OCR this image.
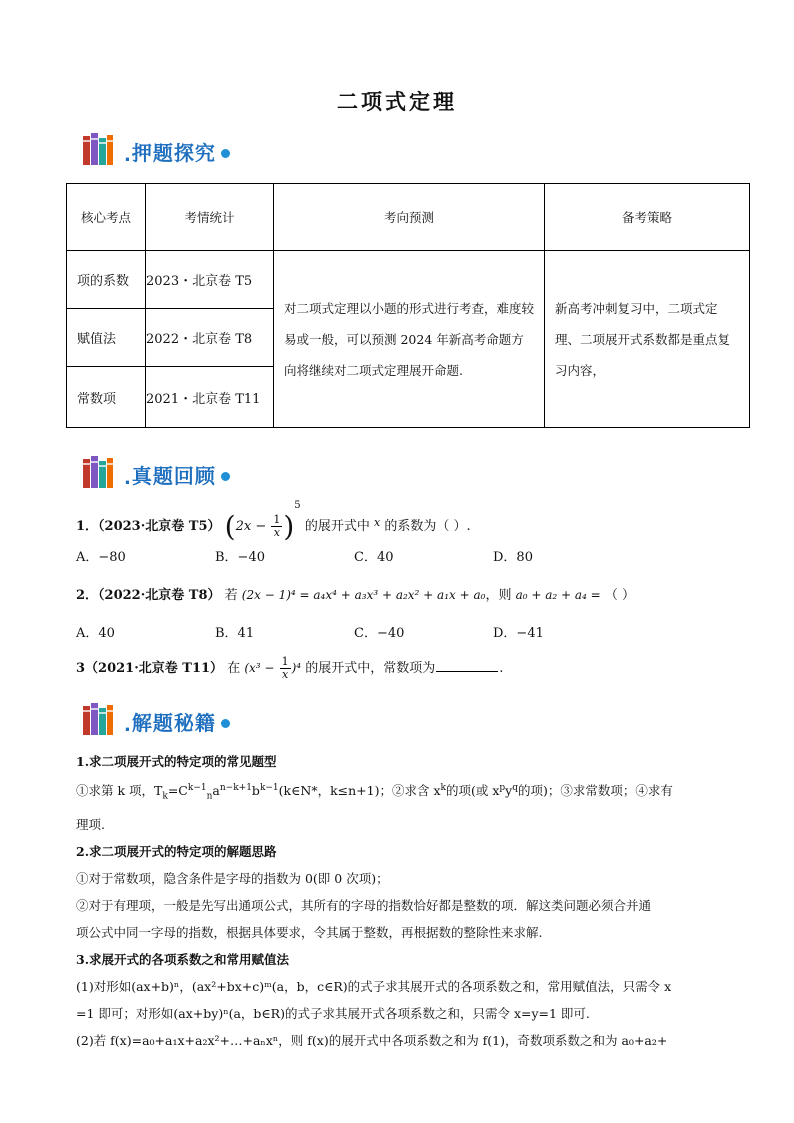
二项式定理
. 押题探究
核心考点	考情统计	考向预测	备考策略
项的系数	2023・北京卷 T5	对二项式定理以小题的形式进行考查，难度较易或一般，可以预测 2024 年新高考命题方向将继续对二项式定理展开命题.	新高考冲刺复习中，二项式定理、二项展开式系数都是重点复习内容，

赋值法	2022・北京卷 T8		
常数项	2021・北京卷 T11		
. 真题回顾
1．（2023·北京卷 T5） $(2x - \frac{1}{x} )^5$ 的展开式中 $^x$ 的系数为（ ）.
A．−80	B．−40	C．40	D．80
2．（2022·北京卷 T8） 若 (2x − 1)⁴ = a₄x⁴ + a₃x³ + a₂x² + a₁x + a₀，则 a₀ + a₂ + a₄ = （ ）
A．40	B．41	C．−40	D．−41
3（2021·北京卷 T11） 在 $(x^3 - \frac{1}{x} )^4$ 的展开式中，常数项为	.
. 解题秘籍

1.求二项展开式的特定项的常见题型

①求第 k 项，$T_k=C^{k-1}_na^{n-k+1}b^{k-1}(k\in N*$，k≤n+1)；②求含 $x^k$的项(或 $x^py^q$的项)；③求常数项；④求有

理项.

2.求二项展开式的特定项的解题思路

①对于常数项，隐含条件是字母的指数为 0(即 0 次项)；

②对于有理项，一般是先写出通项公式，其所有的字母的指数恰好都是整数的项．解这类问题必须合并通

项公式中同一字母的指数，根据具体要求，令其属于整数，再根据数的整除性来求解.

3.求展开式的各项系数之和常用赋值法

(1)对形如(ax+b)ⁿ，(ax²+bx+c)ᵐ(a，b，c∈R)的式子求其展开式的各项系数之和，常用赋值法，只需令 x

=1 即可；对形如(ax+by)ⁿ(a，b∈R)的式子求其展开式各项系数之和，只需令 x=y=1 即可.

(2)若 f(x)=a₀+a₁x+a₂x²+…+aₙxⁿ，则 f(x)的展开式中各项系数之和为 f(1)，奇数项系数之和为 a₀+a₂+
